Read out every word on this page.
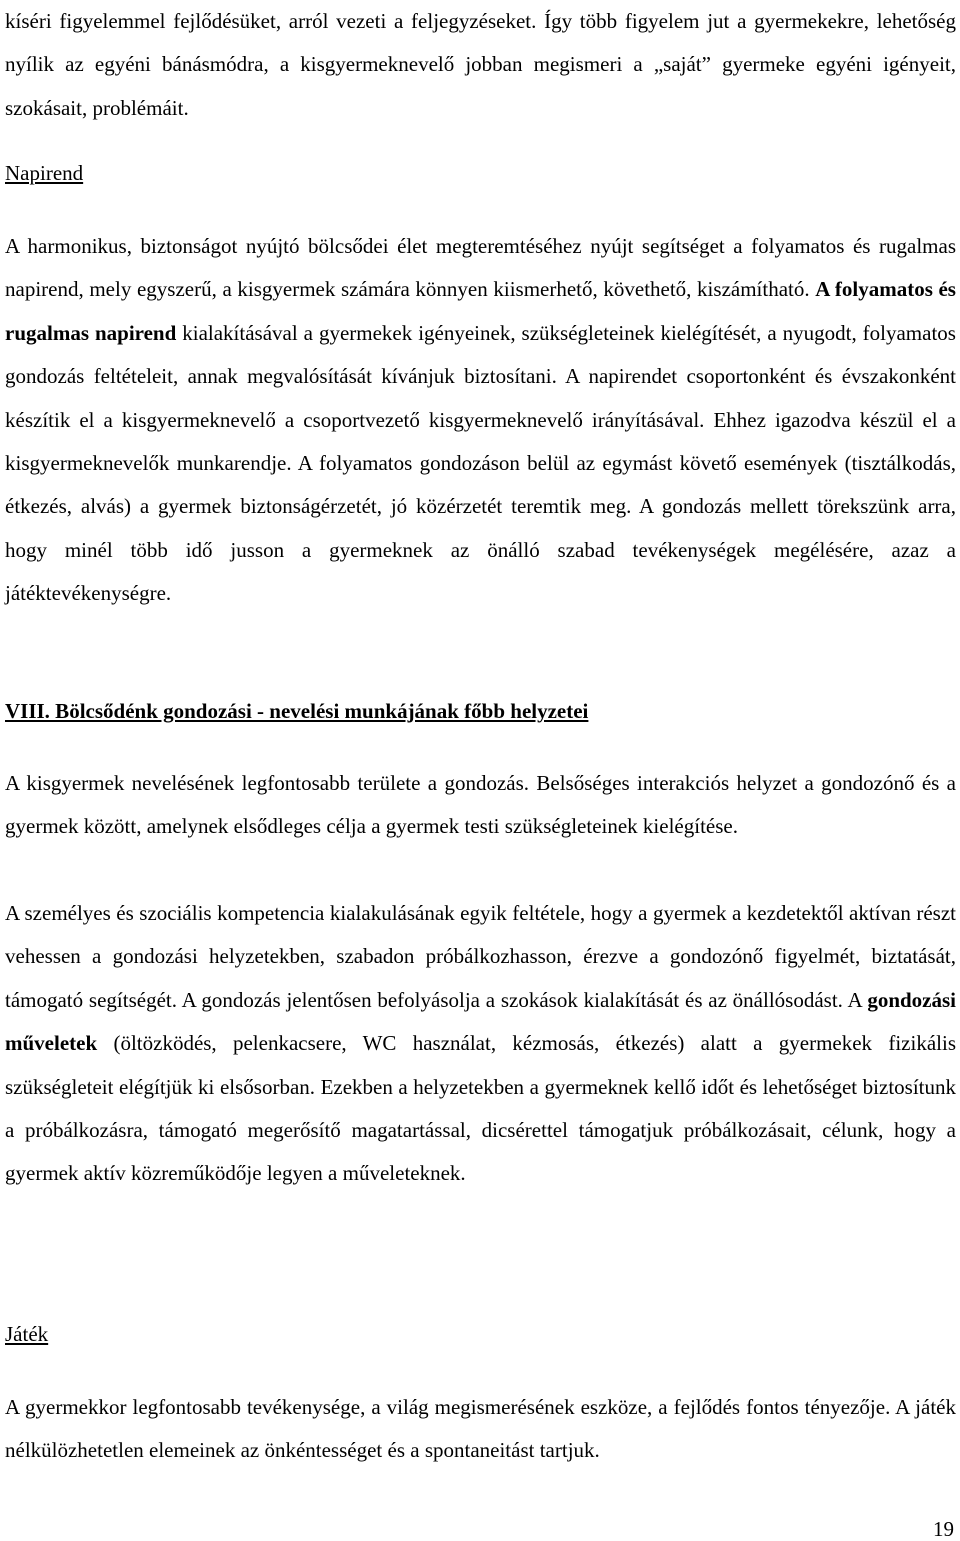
kíséri figyelemmel fejlődésüket, arról vezeti a feljegyzéseket. Így több figyelem jut a gyermekekre, lehetőség nyílik az egyéni bánásmódra, a kisgyermeknevelő jobban megismeri a „saját” gyermeke egyéni igényeit, szokásait, problémáit.

Napirend

A harmonikus, biztonságot nyújtó bölcsődei élet megteremtéséhez nyújt segítséget a folyamatos és rugalmas napirend, mely egyszerű, a kisgyermek számára könnyen kiismerhető, követhető, kiszámítható. A folyamatos és rugalmas napirend kialakításával a gyermekek igényeinek, szükségleteinek kielégítését, a nyugodt, folyamatos gondozás feltételeit, annak megvalósítását kívánjuk biztosítani. A napirendet csoportonként és évszakonként készítik el a kisgyermeknevelő a csoportvezető kisgyermeknevelő irányításával. Ehhez igazodva készül el a kisgyermeknevelők munkarendje. A folyamatos gondozáson belül az egymást követő események (tisztálkodás, étkezés, alvás) a gyermek biztonságérzetét, jó közérzetét teremtik meg. A gondozás mellett törekszünk arra, hogy minél több idő jusson a gyermeknek az önálló szabad tevékenységek megélésére, azaz a játéktevékenységre.

VIII. Bölcsődénk gondozási - nevelési munkájának főbb helyzetei

A kisgyermek nevelésének legfontosabb területe a gondozás. Belsőséges interakciós helyzet a gondozónő és a gyermek között, amelynek elsődleges célja a gyermek testi szükségleteinek kielégítése.

A személyes és szociális kompetencia kialakulásának egyik feltétele, hogy a gyermek a kezdetektől aktívan részt vehessen a gondozási helyzetekben, szabadon próbálkozhasson, érezve a gondozónő figyelmét, biztatását, támogató segítségét. A gondozás jelentősen befolyásolja a szokások kialakítását és az önállósodást. A gondozási műveletek (öltözködés, pelenkacsere, WC használat, kézmosás, étkezés) alatt a gyermekek fizikális szükségleteit elégítjük ki elsősorban. Ezekben a helyzetekben a gyermeknek kellő időt és lehetőséget biztosítunk a próbálkozásra, támogató megerősítő magatartással, dicsérettel támogatjuk próbálkozásait, célunk, hogy a gyermek aktív közreműködője legyen a műveleteknek.

Játék

A gyermekkor legfontosabb tevékenysége, a világ megismerésének eszköze, a fejlődés fontos tényezője. A játék nélkülözhetetlen elemeinek az önkéntességet és a spontaneitást tartjuk.

19
